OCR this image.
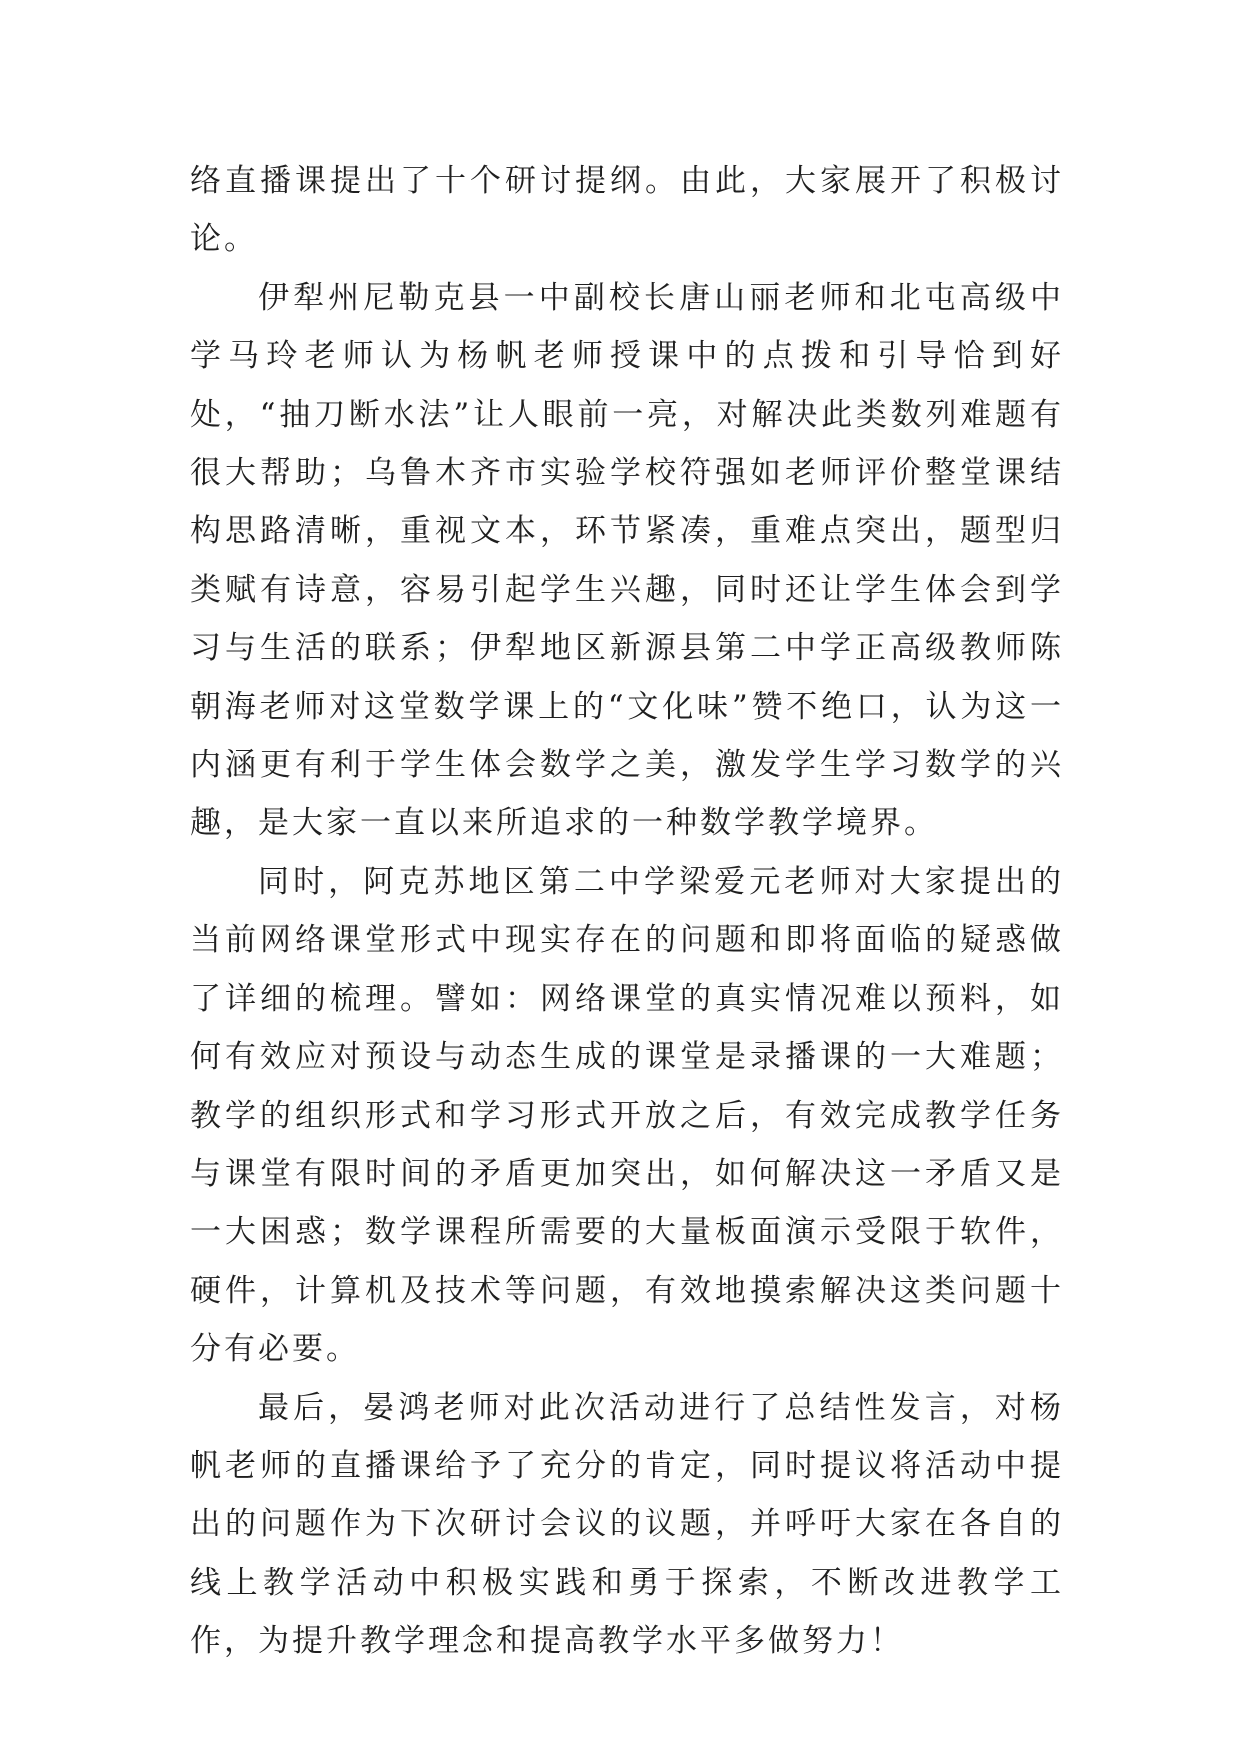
络直播课提出了十个研讨提纲。由此，大家展开了积极讨论。

伊犁州尼勒克县一中副校长唐山丽老师和北屯高级中学马玲老师认为杨帆老师授课中的点拨和引导恰到好处，“抽刀断水法”让人眼前一亮，对解决此类数列难题有很大帮助；乌鲁木齐市实验学校符强如老师评价整堂课结构思路清晰，重视文本，环节紧凑，重难点突出，题型归类赋有诗意，容易引起学生兴趣，同时还让学生体会到学习与生活的联系；伊犁地区新源县第二中学正高级教师陈朝海老师对这堂数学课上的“文化味”赞不绝口，认为这一内涵更有利于学生体会数学之美，激发学生学习数学的兴趣，是大家一直以来所追求的一种数学教学境界。

同时，阿克苏地区第二中学梁爱元老师对大家提出的当前网络课堂形式中现实存在的问题和即将面临的疑惑做了详细的梳理。譬如：网络课堂的真实情况难以预料，如何有效应对预设与动态生成的课堂是录播课的一大难题；教学的组织形式和学习形式开放之后，有效完成教学任务与课堂有限时间的矛盾更加突出，如何解决这一矛盾又是一大困惑；数学课程所需要的大量板面演示受限于软件，硬件，计算机及技术等问题，有效地摸索解决这类问题十分有必要。

最后，晏鸿老师对此次活动进行了总结性发言，对杨帆老师的直播课给予了充分的肯定，同时提议将活动中提出的问题作为下次研讨会议的议题，并呼吁大家在各自的线上教学活动中积极实践和勇于探索，不断改进教学工作，为提升教学理念和提高教学水平多做努力！
